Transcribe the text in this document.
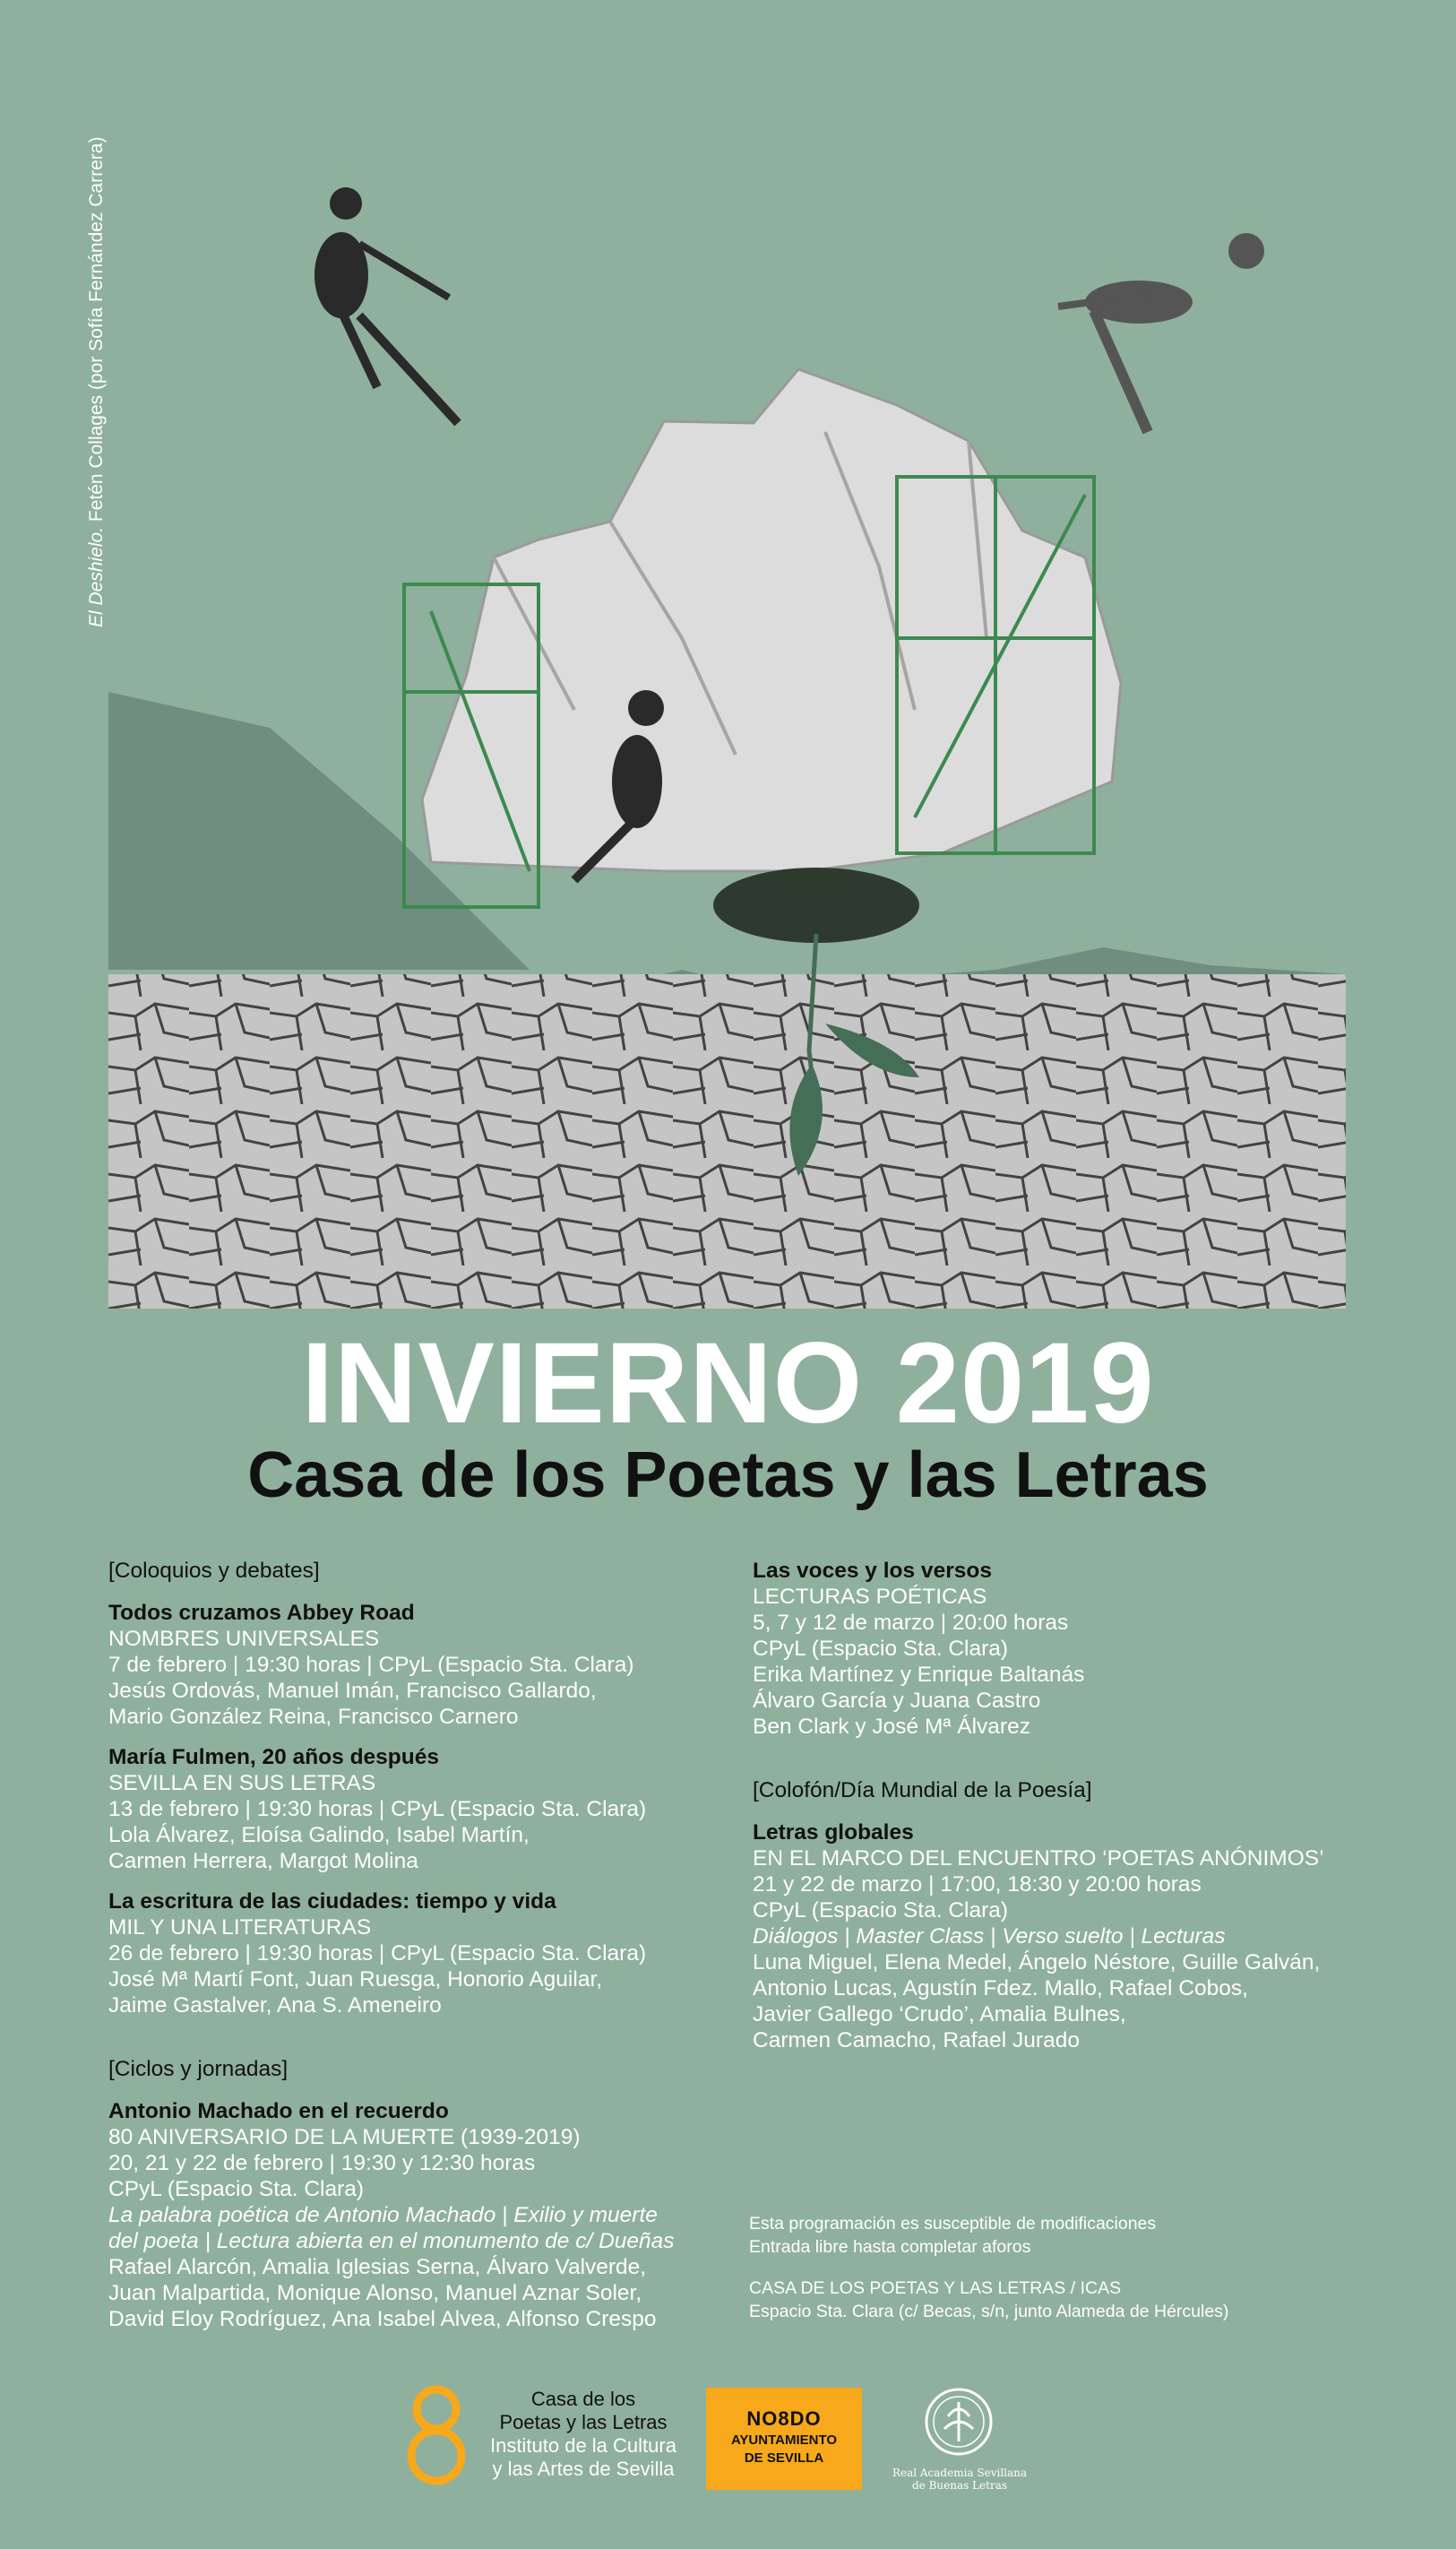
El Deshielo. Fetén Collages (por Sofía Fernández Carrera)
INVIERNO 2019
Casa de los Poetas y las Letras
[Coloquios y debates]
Todos cruzamos Abbey Road
NOMBRES UNIVERSALES
7 de febrero | 19:30 horas | CPyL (Espacio Sta. Clara)
Jesús Ordovás, Manuel Imán, Francisco Gallardo,
Mario González Reina, Francisco Carnero
María Fulmen, 20 años después
SEVILLA EN SUS LETRAS
13 de febrero | 19:30 horas | CPyL (Espacio Sta. Clara)
Lola Álvarez, Eloísa Galindo, Isabel Martín,
Carmen Herrera, Margot Molina
La escritura de las ciudades: tiempo y vida
MIL Y UNA LITERATURAS
26 de febrero | 19:30 horas | CPyL (Espacio Sta. Clara)
José Mª Martí Font, Juan Ruesga, Honorio Aguilar,
Jaime Gastalver, Ana S. Ameneiro
[Ciclos y jornadas]
Antonio Machado en el recuerdo
80 ANIVERSARIO DE LA MUERTE (1939-2019)
20, 21 y 22 de febrero | 19:30 y 12:30 horas
CPyL (Espacio Sta. Clara)
La palabra poética de Antonio Machado | Exilio y muerte
del poeta | Lectura abierta en el monumento de c/ Dueñas
Rafael Alarcón, Amalia Iglesias Serna, Álvaro Valverde,
Juan Malpartida, Monique Alonso, Manuel Aznar Soler,
David Eloy Rodríguez, Ana Isabel Alvea, Alfonso Crespo
Las voces y los versos
LECTURAS POÉTICAS
5, 7 y 12 de marzo | 20:00 horas
CPyL (Espacio Sta. Clara)
Erika Martínez y Enrique Baltanás
Álvaro García y Juana Castro
Ben Clark y José Mª Álvarez
[Colofón/Día Mundial de la Poesía]
Letras globales
EN EL MARCO DEL ENCUENTRO ‘POETAS ANÓNIMOS’
21 y 22 de marzo | 17:00, 18:30 y 20:00 horas
CPyL (Espacio Sta. Clara)
Diálogos | Master Class | Verso suelto | Lecturas
Luna Miguel, Elena Medel, Ángelo Néstore, Guille Galván,
Antonio Lucas, Agustín Fdez. Mallo, Rafael Cobos,
Javier Gallego ‘Crudo’, Amalia Bulnes,
Carmen Camacho, Rafael Jurado
Esta programación es susceptible de modificaciones
Entrada libre hasta completar aforos
CASA DE LOS POETAS Y LAS LETRAS / ICAS
Espacio Sta. Clara (c/ Becas, s/n, junto Alameda de Hércules)
Casa de los
Poetas y las Letras
Instituto de la Cultura
y las Artes de Sevilla
NO8DO
AYUNTAMIENTO
DE SEVILLA
Real Academia Sevillana
de Buenas Letras
